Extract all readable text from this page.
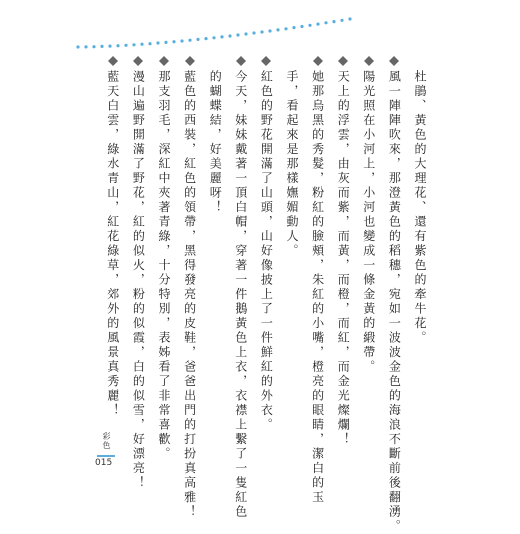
杜鵑、黃色的大理花、還有紫色的牽牛花。
風一陣陣吹來，那澄黃色的稻穗，宛如一波波金色的海浪不斷前後翻湧。
陽光照在小河上，小河也變成一條金黃的緞帶。
天上的浮雲，由灰而紫，而黃，而橙，而紅，而金光燦爛！
她那烏黑的秀髮，粉紅的臉頰，朱紅的小嘴，橙亮的眼睛，潔白的玉
手，看起來是那樣嫵媚動人。
紅色的野花開滿了山頭，山好像披上了一件鮮紅的外衣。
今天，妹妹戴著一頂白帽，穿著一件鵝黃色上衣，衣襟上繫了一隻紅色
的蝴蝶結，好美麗呀！
藍色的西裝，紅色的領帶，黑得發亮的皮鞋，爸爸出門的打扮真高雅！
那支羽毛，深紅中夾著青綠，十分特別，表姊看了非常喜歡。
漫山遍野開滿了野花，紅的似火，粉的似霞，白的似雪，好漂亮！
藍天白雲，綠水青山，紅花綠草，郊外的風景真秀麗！
彩色
015
